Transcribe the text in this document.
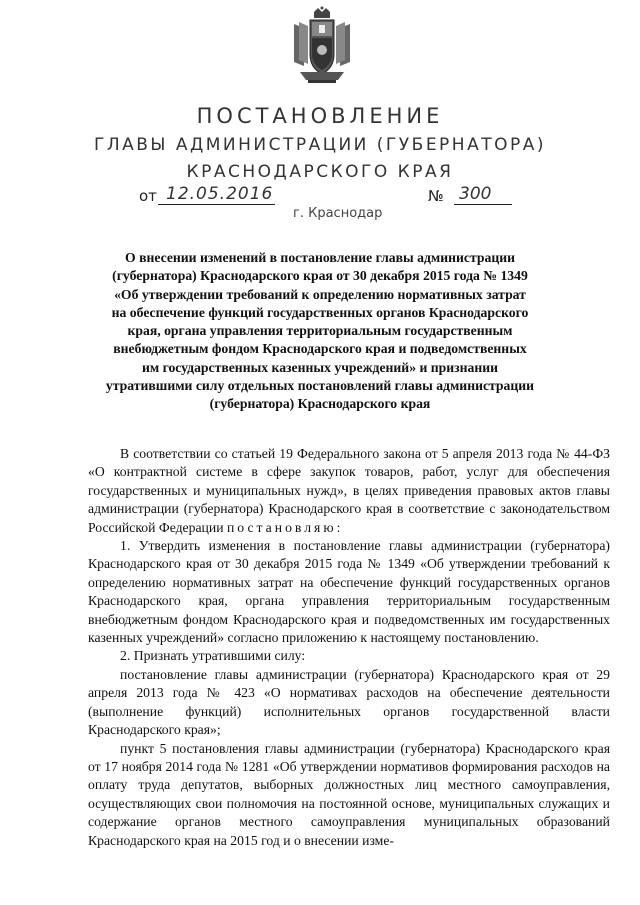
ПОСТАНОВЛЕНИЕ
ГЛАВЫ АДМИНИСТРАЦИИ (ГУБЕРНАТОРА)
КРАСНОДАРСКОГО КРАЯ
от 12.05.2016	№ 300
г. Краснодар
О внесении изменений в постановление главы администрации
(губернатора) Краснодарского края от 30 декабря 2015 года № 1349
«Об утверждении требований к определению нормативных затрат
на обеспечение функций государственных органов Краснодарского
края, органа управления территориальным государственным
внебюджетным фондом Краснодарского края и подведомственных
им государственных казенных учреждений» и признании
утратившими силу отдельных постановлений главы администрации
(губернатора) Краснодарского края

В соответствии со статьей 19 Федерального закона от 5 апреля 2013 года № 44-ФЗ «О контрактной системе в сфере закупок товаров, работ, услуг для обеспечения государственных и муниципальных нужд», в целях приведения правовых актов главы администрации (губернатора) Краснодарского края в соответствие с законодательством Российской Федерации постановляю:

1. Утвердить изменения в постановление главы администрации (губернатора) Краснодарского края от 30 декабря 2015 года № 1349 «Об утверждении требований к определению нормативных затрат на обеспечение функций государственных органов Краснодарского края, органа управления территориальным государственным внебюджетным фондом Краснодарского края и подведомственных им государственных казенных учреждений» согласно приложению к настоящему постановлению.

2. Признать утратившими силу:

постановление главы администрации (губернатора) Краснодарского края от 29 апреля 2013 года № 423 «О нормативах расходов на обеспечение деятельности (выполнение функций) исполнительных органов государственной власти Краснодарского края»;

пункт 5 постановления главы администрации (губернатора) Краснодарского края от 17 ноября 2014 года № 1281 «Об утверждении нормативов формирования расходов на оплату труда депутатов, выборных должностных лиц местного самоуправления, осуществляющих свои полномочия на постоянной основе, муниципальных служащих и содержание органов местного самоуправления муниципальных образований Краснодарского края на 2015 год и о внесении изме-
